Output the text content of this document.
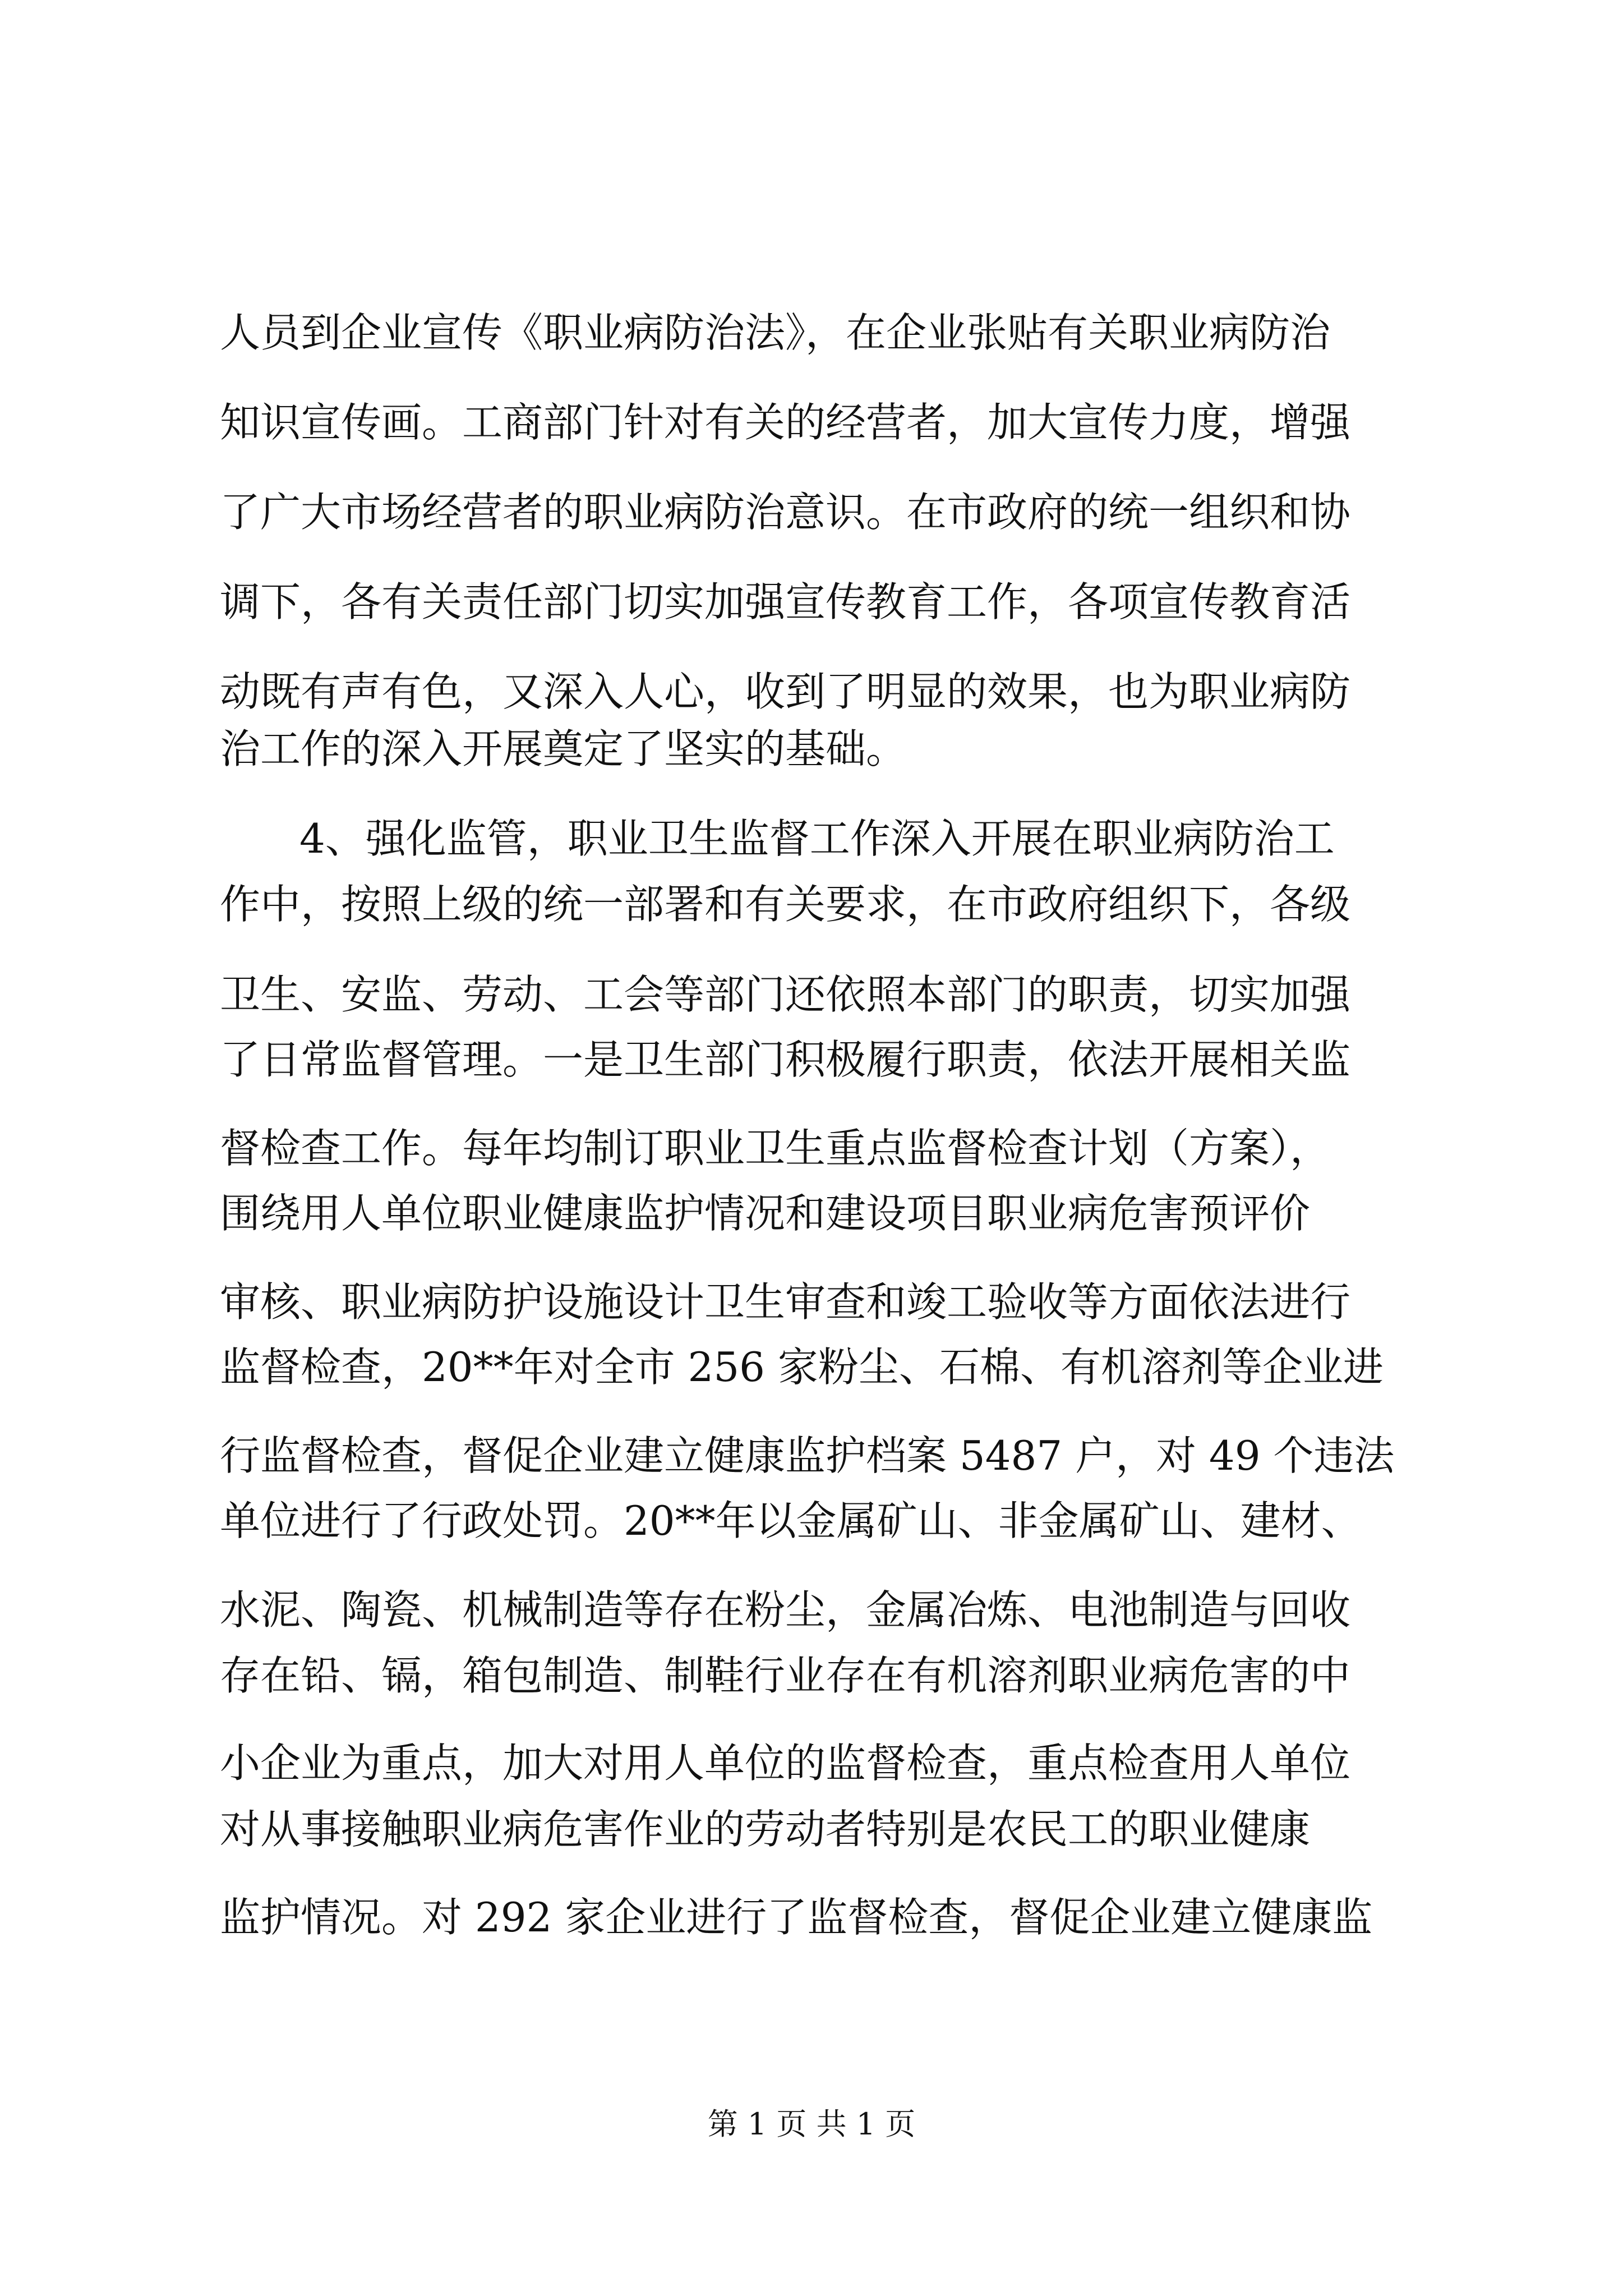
人员到企业宣传《职业病防治法》，在企业张贴有关职业病防治
知识宣传画。工商部门针对有关的经营者，加大宣传力度，增强
了广大市场经营者的职业病防治意识。在市政府的统一组织和协
调下，各有关责任部门切实加强宣传教育工作，各项宣传教育活
动既有声有色，又深入人心，收到了明显的效果，也为职业病防
治工作的深入开展奠定了坚实的基础。
4、强化监管，职业卫生监督工作深入开展在职业病防治工
作中，按照上级的统一部署和有关要求，在市政府组织下，各级
卫生、安监、劳动、工会等部门还依照本部门的职责，切实加强
了日常监督管理。一是卫生部门积极履行职责，依法开展相关监
督检查工作。每年均制订职业卫生重点监督检查计划（方案），
围绕用人单位职业健康监护情况和建设项目职业病危害预评价
审核、职业病防护设施设计卫生审查和竣工验收等方面依法进行
监督检查，20**年对全市 256 家粉尘、石棉、有机溶剂等企业进
行监督检查，督促企业建立健康监护档案 5487 户，对 49 个违法
单位进行了行政处罚。20**年以金属矿山、非金属矿山、建材、
水泥、陶瓷、机械制造等存在粉尘，金属冶炼、电池制造与回收
存在铅、镉，箱包制造、制鞋行业存在有机溶剂职业病危害的中
小企业为重点，加大对用人单位的监督检查，重点检查用人单位
对从事接触职业病危害作业的劳动者特别是农民工的职业健康
监护情况。对 292 家企业进行了监督检查，督促企业建立健康监
第 1 页 共 1 页
